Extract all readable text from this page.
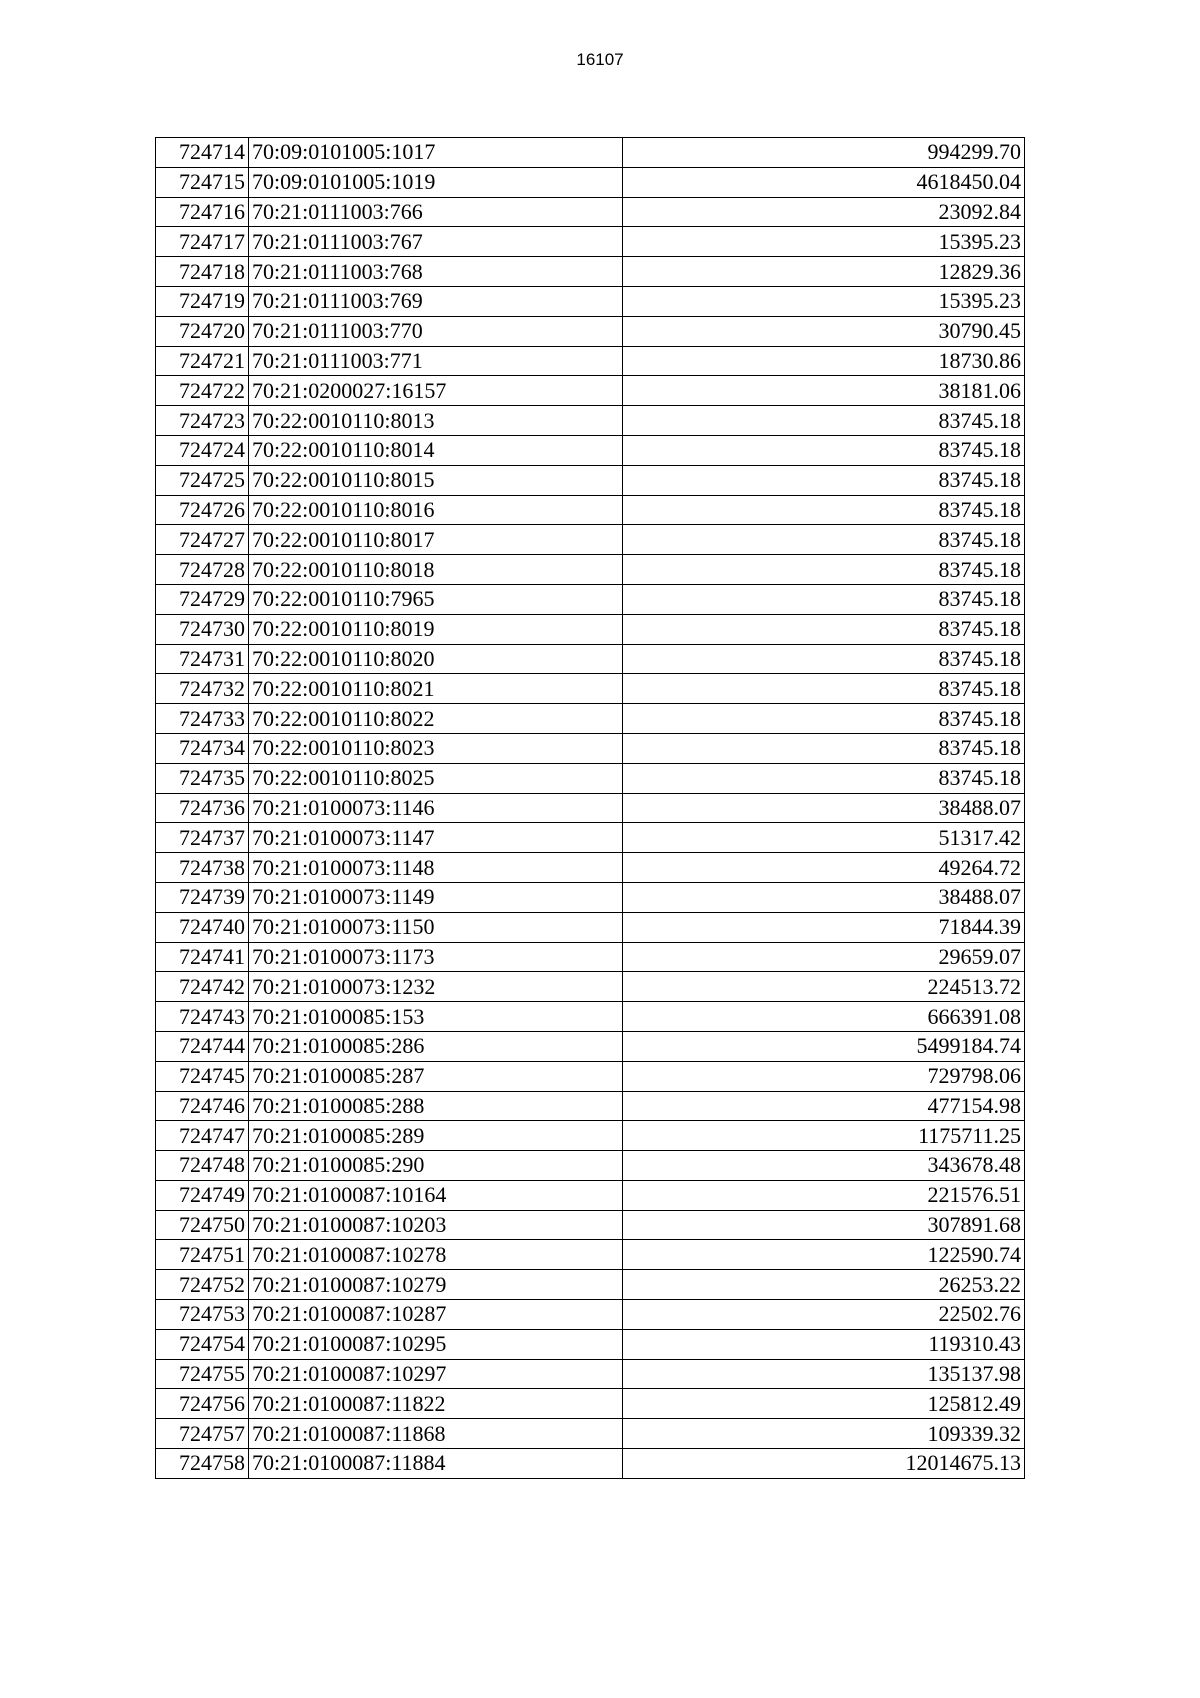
16107
724714	70:09:0101005:1017	994299.70
724715	70:09:0101005:1019	4618450.04
724716	70:21:0111003:766	23092.84
724717	70:21:0111003:767	15395.23
724718	70:21:0111003:768	12829.36
724719	70:21:0111003:769	15395.23
724720	70:21:0111003:770	30790.45
724721	70:21:0111003:771	18730.86
724722	70:21:0200027:16157	38181.06
724723	70:22:0010110:8013	83745.18
724724	70:22:0010110:8014	83745.18
724725	70:22:0010110:8015	83745.18
724726	70:22:0010110:8016	83745.18
724727	70:22:0010110:8017	83745.18
724728	70:22:0010110:8018	83745.18
724729	70:22:0010110:7965	83745.18
724730	70:22:0010110:8019	83745.18
724731	70:22:0010110:8020	83745.18
724732	70:22:0010110:8021	83745.18
724733	70:22:0010110:8022	83745.18
724734	70:22:0010110:8023	83745.18
724735	70:22:0010110:8025	83745.18
724736	70:21:0100073:1146	38488.07
724737	70:21:0100073:1147	51317.42
724738	70:21:0100073:1148	49264.72
724739	70:21:0100073:1149	38488.07
724740	70:21:0100073:1150	71844.39
724741	70:21:0100073:1173	29659.07
724742	70:21:0100073:1232	224513.72
724743	70:21:0100085:153	666391.08
724744	70:21:0100085:286	5499184.74
724745	70:21:0100085:287	729798.06
724746	70:21:0100085:288	477154.98
724747	70:21:0100085:289	1175711.25
724748	70:21:0100085:290	343678.48
724749	70:21:0100087:10164	221576.51
724750	70:21:0100087:10203	307891.68
724751	70:21:0100087:10278	122590.74
724752	70:21:0100087:10279	26253.22
724753	70:21:0100087:10287	22502.76
724754	70:21:0100087:10295	119310.43
724755	70:21:0100087:10297	135137.98
724756	70:21:0100087:11822	125812.49
724757	70:21:0100087:11868	109339.32
724758	70:21:0100087:11884	12014675.13
